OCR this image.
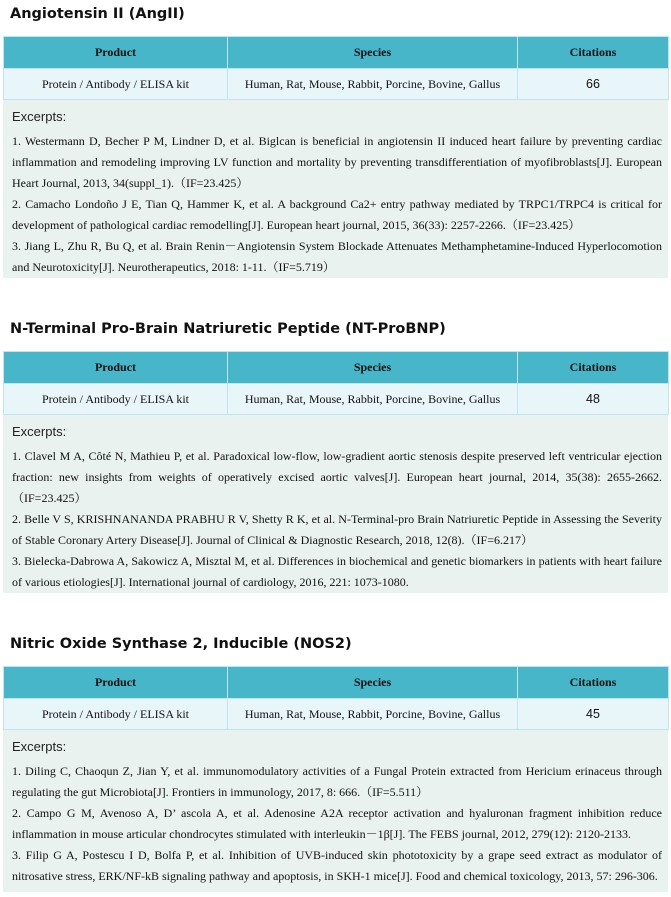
Angiotensin II (AngII)
Product	Species	Citations
Protein / Antibody / ELISA kit	Human, Rat, Mouse, Rabbit, Porcine, Bovine, Gallus	66
Excerpts:
1. Westermann D, Becher P M, Lindner D, et al. Biglcan is beneficial in angiotensin II induced heart failure by preventing cardiac inflammation and remodeling improving LV function and mortality by preventing transdifferentiation of myofibroblasts[J]. European Heart Journal, 2013, 34(suppl_1).（IF=23.425）
2. Camacho Londoño J E, Tian Q, Hammer K, et al. A background Ca2+ entry pathway mediated by TRPC1/TRPC4 is critical for development of pathological cardiac remodelling[J]. European heart journal, 2015, 36(33): 2257-2266.（IF=23.425）
3. Jiang L, Zhu R, Bu Q, et al. Brain Renin－Angiotensin System Blockade Attenuates Methamphetamine-Induced Hyperlocomotion and Neurotoxicity[J]. Neurotherapeutics, 2018: 1-11.（IF=5.719）
N-Terminal Pro-Brain Natriuretic Peptide (NT-ProBNP)
Product	Species	Citations
Protein / Antibody / ELISA kit	Human, Rat, Mouse, Rabbit, Porcine, Bovine, Gallus	48
Excerpts:
1. Clavel M A, Côté N, Mathieu P, et al. Paradoxical low-flow, low-gradient aortic stenosis despite preserved left ventricular ejection fraction: new insights from weights of operatively excised aortic valves[J]. European heart journal, 2014, 35(38): 2655-2662.（IF=23.425）
2. Belle V S, KRISHNANANDA PRABHU R V, Shetty R K, et al. N-Terminal-pro Brain Natriuretic Peptide in Assessing the Severity of Stable Coronary Artery Disease[J]. Journal of Clinical & Diagnostic Research, 2018, 12(8).（IF=6.217）
3. Bielecka-Dabrowa A, Sakowicz A, Misztal M, et al. Differences in biochemical and genetic biomarkers in patients with heart failure of various etiologies[J]. International journal of cardiology, 2016, 221: 1073-1080.
Nitric Oxide Synthase 2, Inducible (NOS2)
Product	Species	Citations
Protein / Antibody / ELISA kit	Human, Rat, Mouse, Rabbit, Porcine, Bovine, Gallus	45
Excerpts:
1. Diling C, Chaoqun Z, Jian Y, et al. immunomodulatory activities of a Fungal Protein extracted from Hericium erinaceus through regulating the gut Microbiota[J]. Frontiers in immunology, 2017, 8: 666.（IF=5.511）
2. Campo G M, Avenoso A, D’ ascola A, et al. Adenosine A2A receptor activation and hyaluronan fragment inhibition reduce inflammation in mouse articular chondrocytes stimulated with interleukin－1β[J]. The FEBS journal, 2012, 279(12): 2120-2133.
3. Filip G A, Postescu I D, Bolfa P, et al. Inhibition of UVB-induced skin phototoxicity by a grape seed extract as modulator of nitrosative stress, ERK/NF-kB signaling pathway and apoptosis, in SKH-1 mice[J]. Food and chemical toxicology, 2013, 57: 296-306.
